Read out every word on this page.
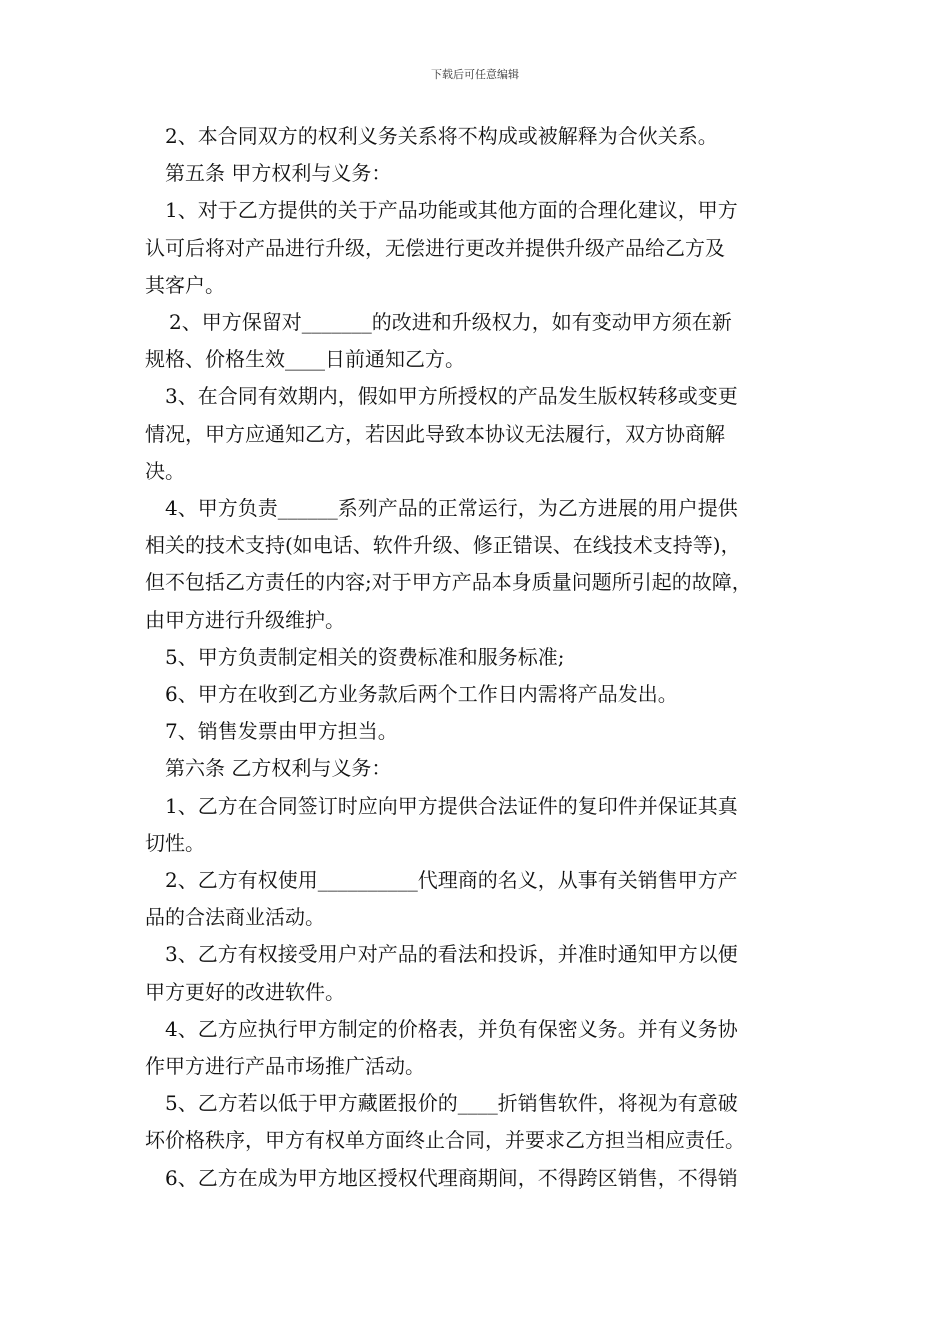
下载后可任意编辑

2、本合同双方的权利义务关系将不构成或被解释为合伙关系。

第五条 甲方权利与义务：

1、对于乙方提供的关于产品功能或其他方面的合理化建议，甲方

认可后将对产品进行升级，无偿进行更改并提供升级产品给乙方及

其客户。

2、甲方保留对_______的改进和升级权力，如有变动甲方须在新

规格、价格生效____日前通知乙方。

3、在合同有效期内，假如甲方所授权的产品发生版权转移或变更

情况，甲方应通知乙方，若因此导致本协议无法履行，双方协商解

决。

4、甲方负责______系列产品的正常运行，为乙方进展的用户提供

相关的技术支持(如电话、软件升级、修正错误、在线技术支持等)，

但不包括乙方责任的内容;对于甲方产品本身质量问题所引起的故障，

由甲方进行升级维护。

5、甲方负责制定相关的资费标准和服务标准;

6、甲方在收到乙方业务款后两个工作日内需将产品发出。

7、销售发票由甲方担当。

第六条 乙方权利与义务：

1、乙方在合同签订时应向甲方提供合法证件的复印件并保证其真

切性。

2、乙方有权使用__________代理商的名义，从事有关销售甲方产

品的合法商业活动。

3、乙方有权接受用户对产品的看法和投诉，并准时通知甲方以便

甲方更好的改进软件。

4、乙方应执行甲方制定的价格表，并负有保密义务。并有义务协

作甲方进行产品市场推广活动。

5、乙方若以低于甲方藏匿报价的____折销售软件，将视为有意破

坏价格秩序，甲方有权单方面终止合同，并要求乙方担当相应责任。

6、乙方在成为甲方地区授权代理商期间，不得跨区销售，不得销
